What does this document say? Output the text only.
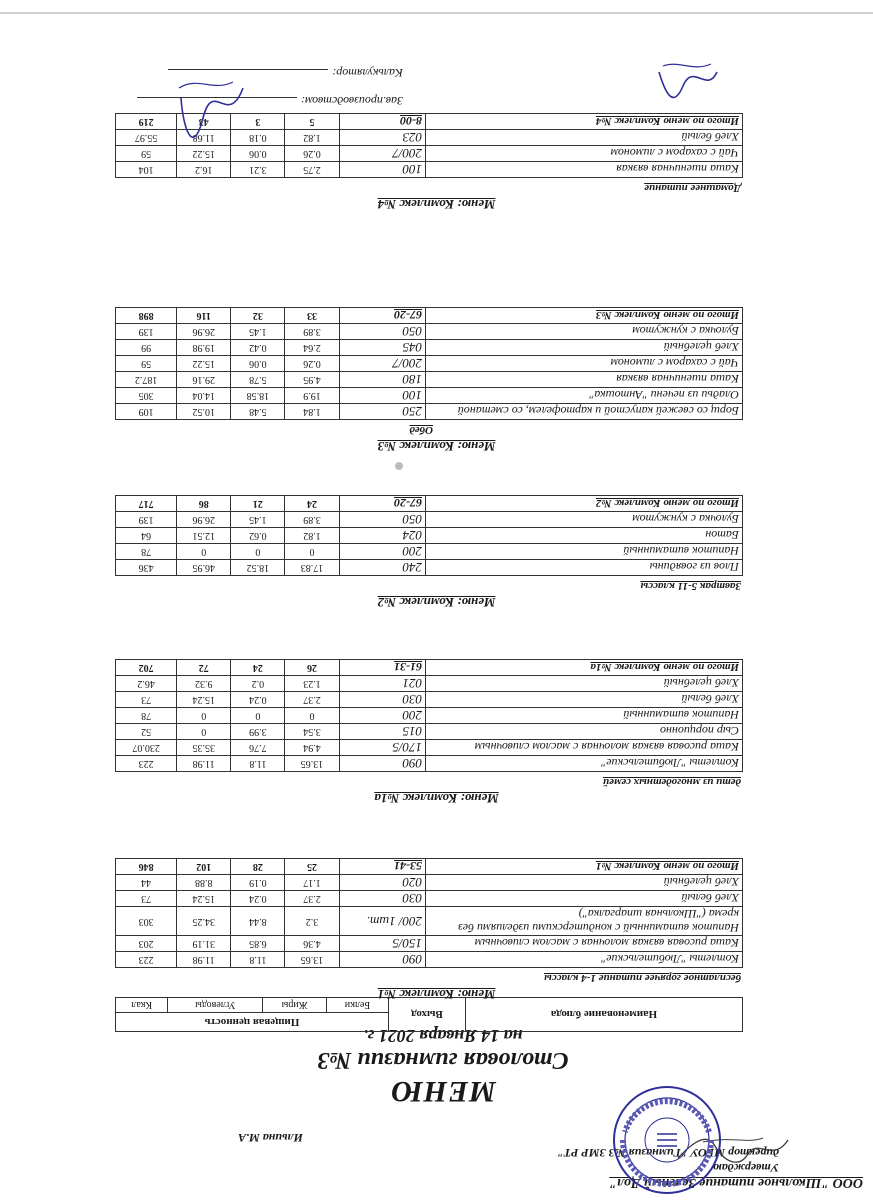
ООО "Школьное питание Зеленый Дол"
Утверждаю
директор МБОУ "Гимназия №3 ЗМР РТ"
Ильина М.А
МЕНЮ
Столовая гимназии №3
на 14 Января 2021 г.
Наименование блюда	Выход	Пищевая ценность			
		Белки	Жиры	Углеводы	Ккал
Меню: Комплекс №1
бесплатное горячее питание 1-4 классы
Котлеты "Любительские"	090	13.65	11.8	11.98	223
Каша рисовая вязкая молочная с маслом сливочным	150/5	4.36	6.85	31.19	203
Напиток витаминный с кондитерскими изделиями без крема ("Школьная шпаргалка")	200/ 1шт.	3.2	8.44	34.25	303
Хлеб белый	030	2.37	0.24	15.24	73
Хлеб целебный	020	1.17	0.19	8.88	44
Итого по меню Комплекс №1	53-41	25	28	102	846
Меню: Комплекс №1а
дети из многодетных семей
Котлеты "Любительские"	090	13.65	11.8	11.98	223
Каша рисовая вязкая молочная с маслом сливочным	170/5	4.94	7.76	35.35	230.07
Сыр порционно	015	3.54	3.99	0	52
Напиток витаминный	200	0	0	0	78
Хлеб белый	030	2.37	0.24	15.24	73
Хлеб целебный	021	1.23	0.2	9.32	46.2
Итого по меню Комплекс №1а	61-31	26	24	72	702
Меню: Комплекс №2
Завтрак 5-11 классы
Плов из говядины	240	17.83	18.52	46.95	436
Напиток витаминный	200	0	0	0	78
Батон	024	1.82	0.62	12.51	64
Булочка с кунжутом	050	3.89	1.45	26.96	139
Итого по меню Комплекс №2	67-20	24	21	86	717
Меню: Комплекс №3
Обед
Борщ со свежей капустой и картофелем, со сметаной	250	1.84	5.48	10.52	109
Оладьи из печени "Антошка"	100	19.9	18.58	14.04	305
Каша пшеничная вязкая	180	4.95	5.78	29.16	187.2
Чай с сахаром с лимоном	200/7	0.26	0.06	15.22	59
Хлеб целебный	045	2.64	0.42	19.98	99
Булочка с кунжутом	050	3.89	1.45	26.96	139
Итого по меню Комплекс №3	67-20	33	32	116	898
Меню: Комплекс №4
Домашнее питание
Каша пшеничная вязкая	100	2.75	3.21	16.2	104
Чай с сахаром с лимоном	200/7	0.26	0.06	15.22	59
Хлеб белый	023	1.82	0.18	11.68	55.97
Итого по меню Комплекс №4	8-00	5	3	43	219
Зав.производством:
Калькулятор:
